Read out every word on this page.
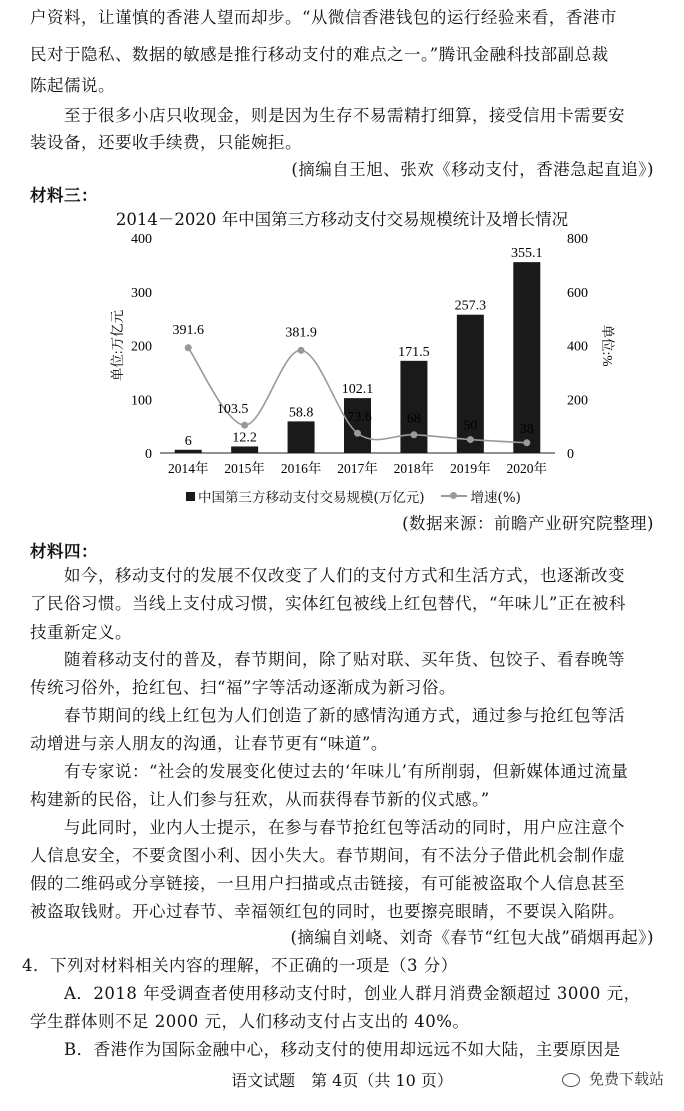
户资料，让谨慎的香港人望而却步。“从微信香港钱包的运行经验来看，香港市
民对于隐私、数据的敏感是推行移动支付的难点之一。”腾讯金融科技部副总裁
陈起儒说。
至于很多小店只收现金，则是因为生存不易需精打细算，接受信用卡需要安
装设备，还要收手续费，只能婉拒。
(摘编自王旭、张欢《移动支付，香港急起直追》)
材料三：
2014－2020 年中国第三方移动支付交易规模统计及增长情况
0
100
200
300
400
0
200
400
600
800
单位:万亿元	单位:%
2014年 2015年 2016年 2017年 2018年 2019年 2020年
6	12.2
58.8
102.1
171.5
257.3
355.1
391.6
103.5
381.9
73.6	68	50	38
中国第三方移动支付交易规模(万亿元)	增速(%)
(数据来源：前瞻产业研究院整理)
材料四：
如今，移动支付的发展不仅改变了人们的支付方式和生活方式，也逐渐改变
了民俗习惯。当线上支付成习惯，实体红包被线上红包替代，“年味儿”正在被科
技重新定义。
随着移动支付的普及，春节期间，除了贴对联、买年货、包饺子、看春晚等
传统习俗外，抢红包、扫“福”字等活动逐渐成为新习俗。
春节期间的线上红包为人们创造了新的感情沟通方式，通过参与抢红包等活
动增进与亲人朋友的沟通，让春节更有“味道”。
有专家说：“社会的发展变化使过去的‘年味儿’有所削弱，但新媒体通过流量
构建新的民俗，让人们参与狂欢，从而获得春节新的仪式感。”
与此同时，业内人士提示，在参与春节抢红包等活动的同时，用户应注意个
人信息安全，不要贪图小利、因小失大。春节期间，有不法分子借此机会制作虚
假的二维码或分享链接，一旦用户扫描或点击链接，有可能被盗取个人信息甚至
被盗取钱财。开心过春节、幸福领红包的同时，也要擦亮眼睛，不要误入陷阱。
(摘编自刘峣、刘奇《春节“红包大战”硝烟再起》)
4．下列对材料相关内容的理解，不正确的一项是（3 分）
A．2018 年受调查者使用移动支付时，创业人群月消费金额超过 3000 元，
学生群体则不足 2000 元，人们移动支付占支出的 40%。
B．香港作为国际金融中心，移动支付的使用却远远不如大陆，主要原因是
语文试题　第 4页（共 10 页）	免费下载站
